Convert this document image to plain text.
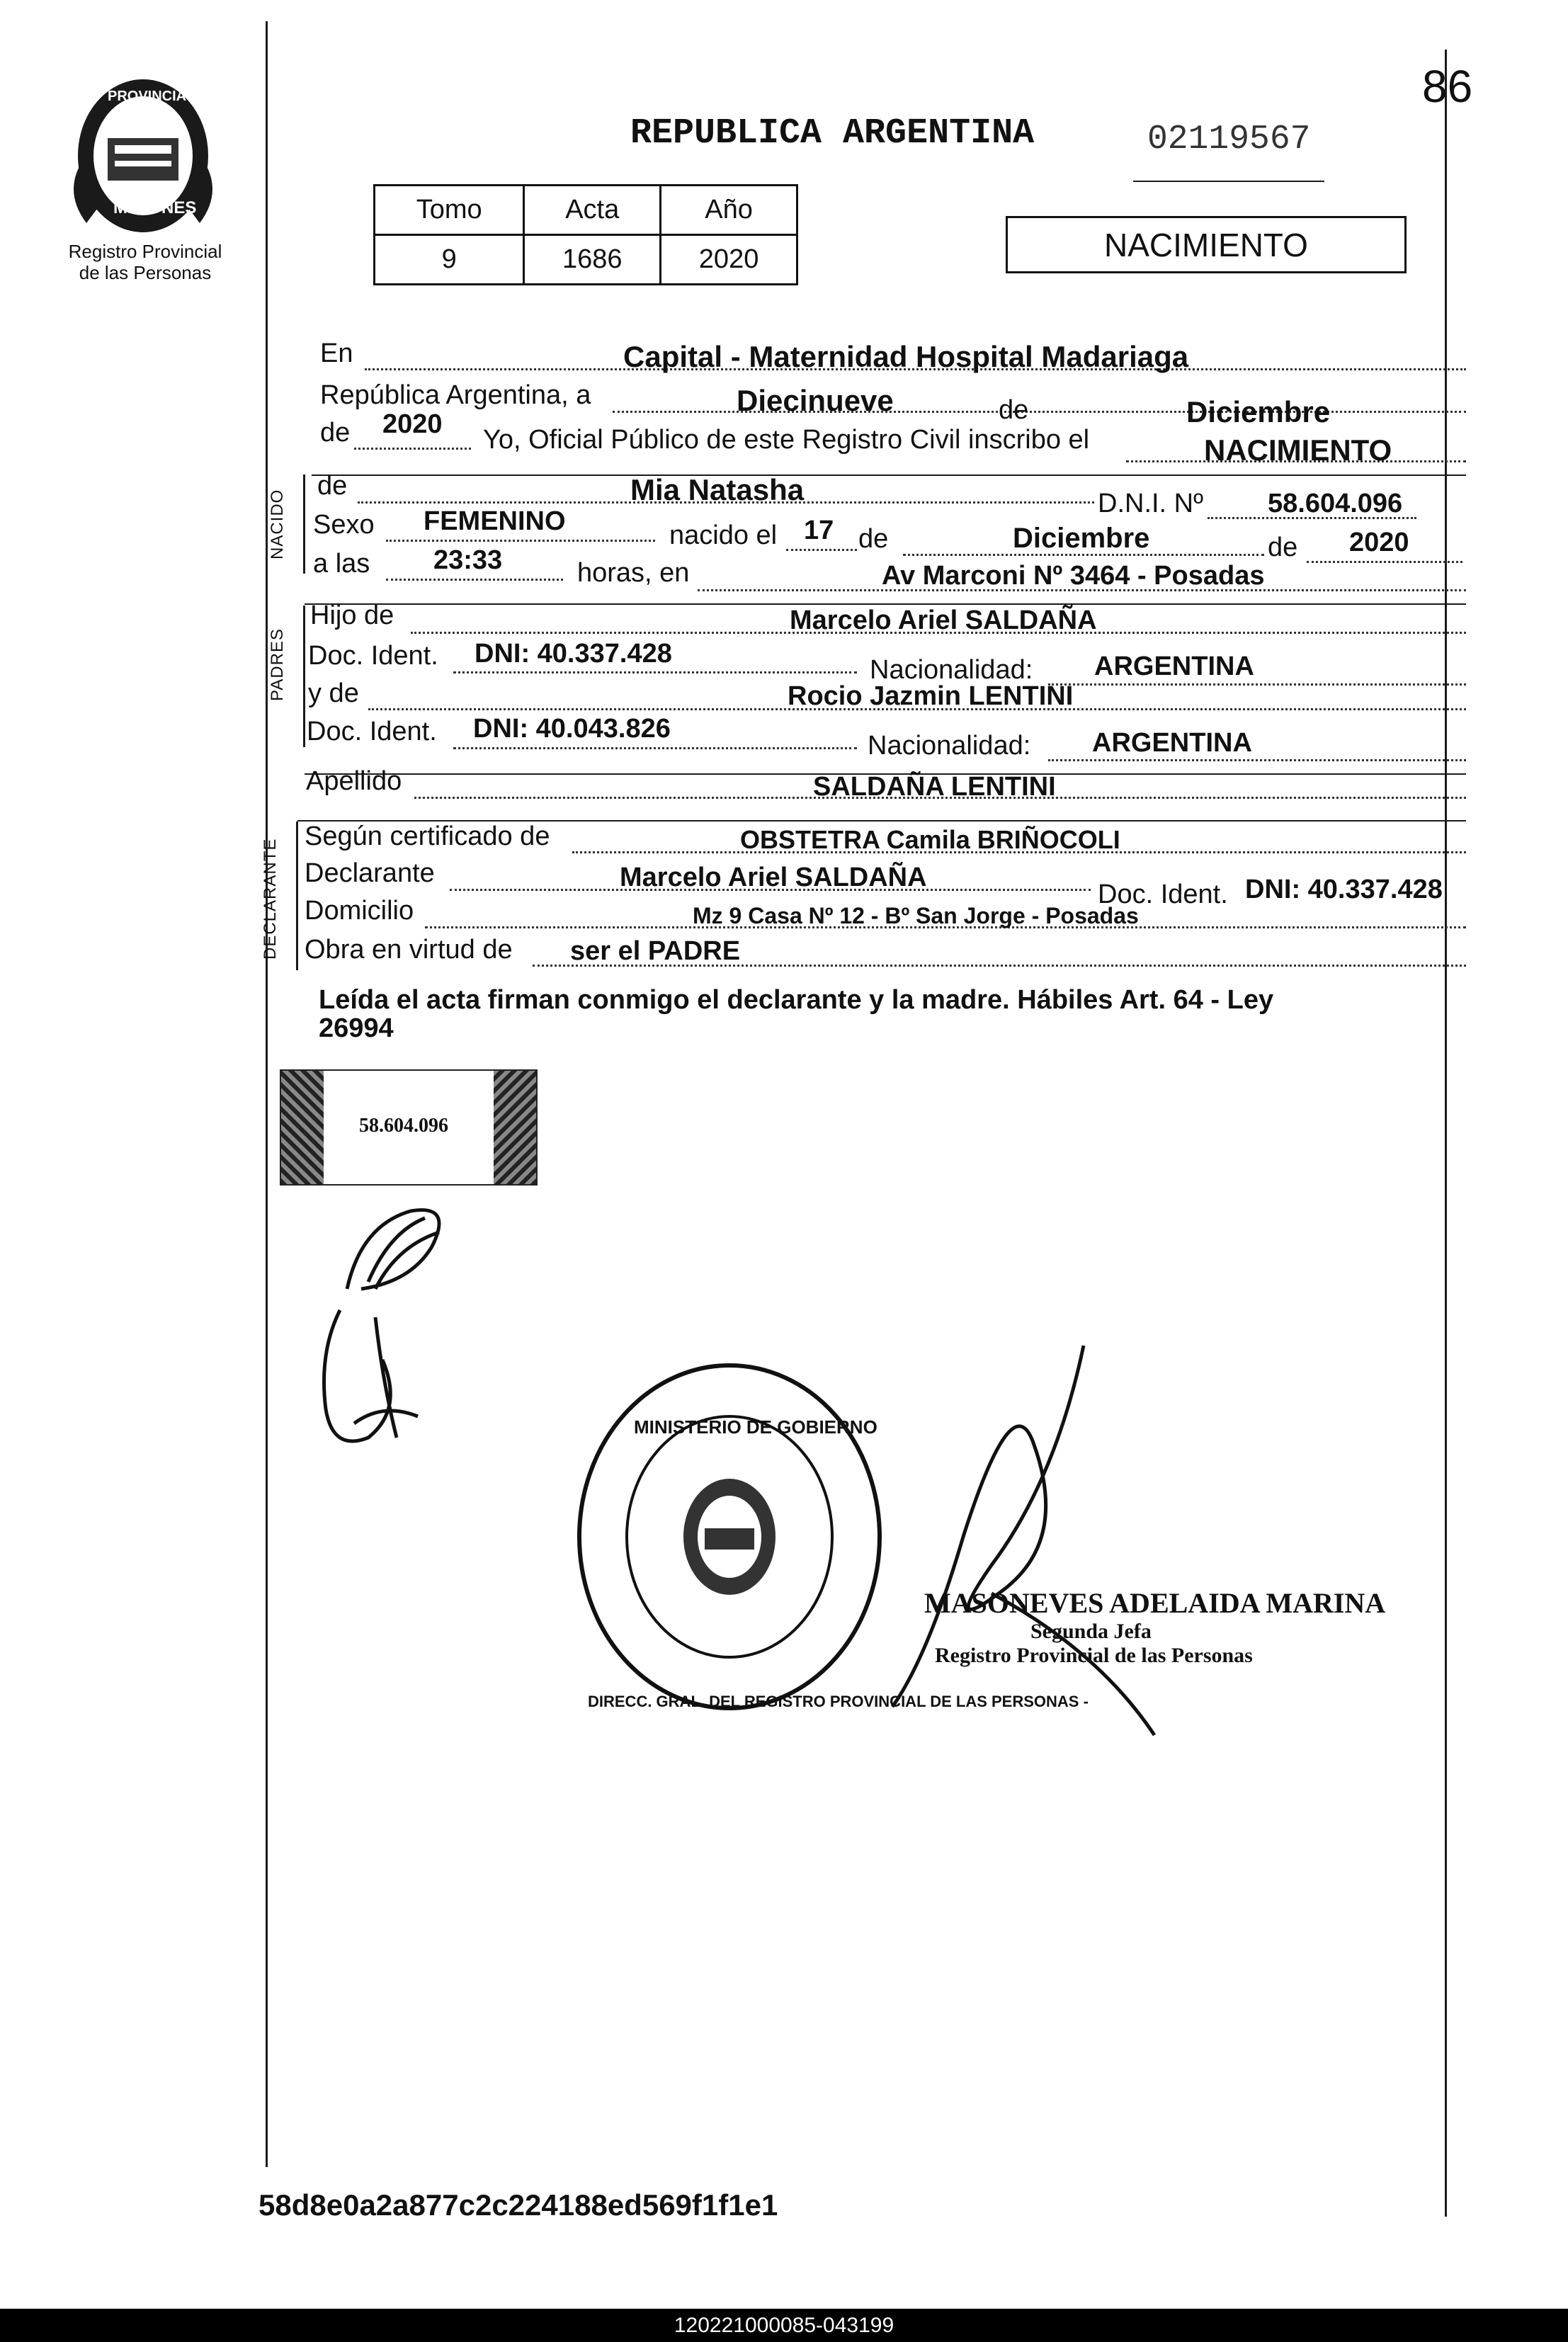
86
PROVINCIA DE
MISIONES
Registro Provincial
de las Personas
REPUBLICA ARGENTINA	02119567
Tomo	Acta	Año
9	1686	2020	NACIMIENTO
NACIDO
PADRES
DECLARANTE
En	Capital - Maternidad Hospital Madariaga
República Argentina, a	Diecinueve	de	Diciembre
de 2020
Yo, Oficial Público de este Registro Civil inscribo el	NACIMIENTO
de	Mia Natasha	D.N.I. Nº 58.604.096
Sexo FEMENINO	nacido el 17 de	Diciembre	de 2020
a las 23:33	horas, en	Av Marconi Nº 3464 - Posadas
Hijo de	Marcelo Ariel SALDAÑA
Doc. Ident. DNI: 40.337.428
Nacionalidad: ARGENTINA
y de	Rocio Jazmin LENTINI
Doc. Ident. DNI: 40.043.826
Nacionalidad: ARGENTINA
Apellido	SALDAÑA LENTINI
Según certificado de	OBSTETRA Camila BRIÑOCOLI
Declarante	Marcelo Ariel SALDAÑA
Doc. Ident. DNI: 40.337.428
Domicilio	Mz 9 Casa Nº 12 - Bº San Jorge - Posadas
Obra en virtud de ser el PADRE
Leída el acta firman conmigo el declarante y la madre. Hábiles Art. 64 - Ley
26994
58.604.096
DIRECC. GRAL. DEL REGISTRO PROVINCIAL DE LAS PERSONAS -
MINISTERIO DE GOBIERNO
MASONEVES ADELAIDA MARINA
Segunda Jefa
Registro Provincial de las Personas
58d8e0a2a877c2c224188ed569f1f1e1
120221000085-043199
